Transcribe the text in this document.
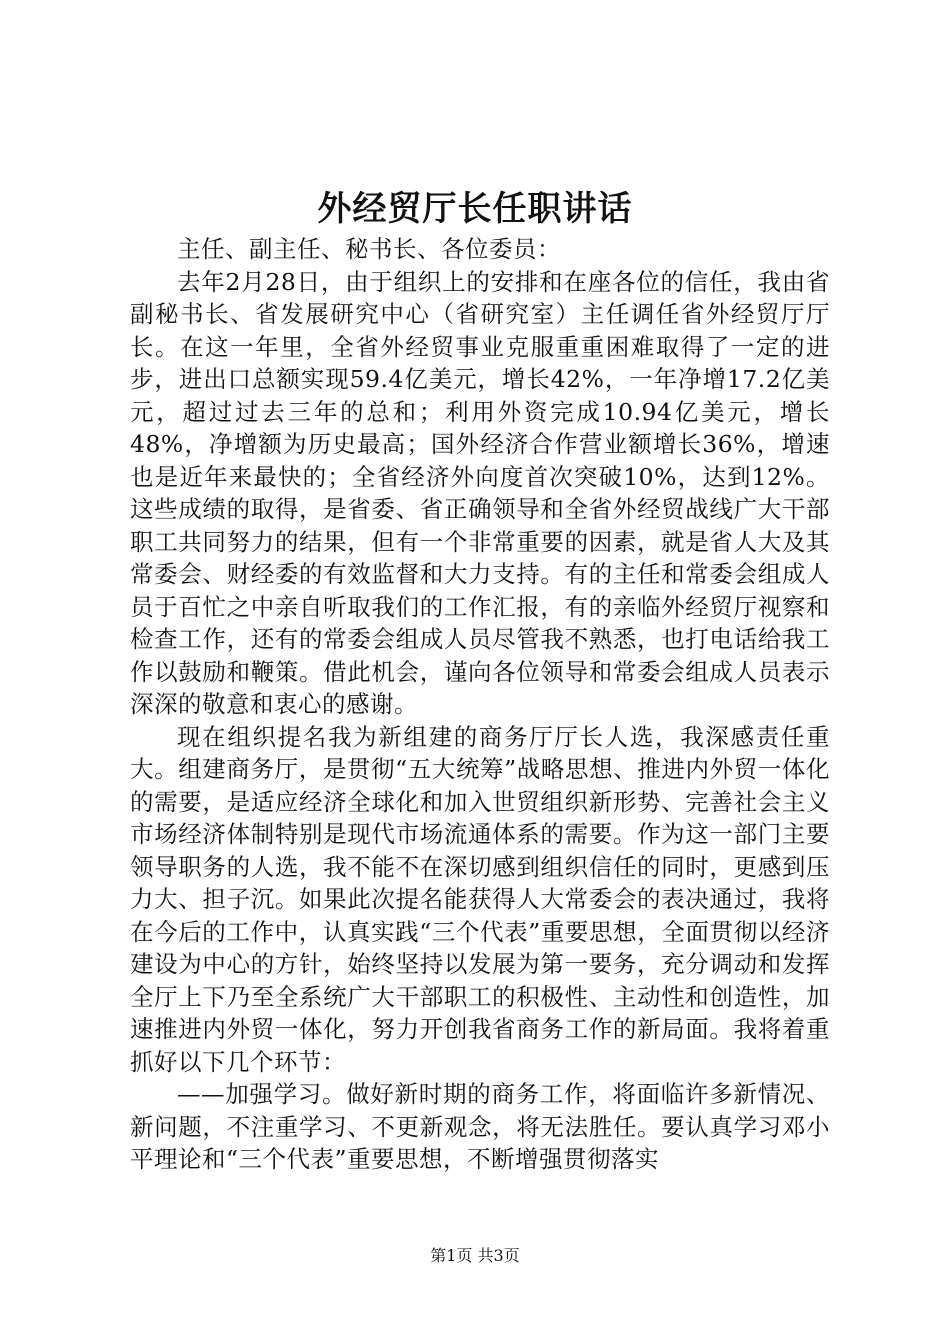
外经贸厅长任职讲话

主任、副主任、秘书长、各位委员：

去年2月28日，由于组织上的安排和在座各位的信任，我由省副秘书长、省发展研究中心（省研究室）主任调任省外经贸厅厅长。在这一年里，全省外经贸事业克服重重困难取得了一定的进步，进出口总额实现59.4亿美元，增长42%，一年净增17.2亿美元，超过过去三年的总和；利用外资完成10.94亿美元，增长48%，净增额为历史最高；国外经济合作营业额增长36%，增速也是近年来最快的；全省经济外向度首次突破10%，达到12%。这些成绩的取得，是省委、省正确领导和全省外经贸战线广大干部职工共同努力的结果，但有一个非常重要的因素，就是省人大及其常委会、财经委的有效监督和大力支持。有的主任和常委会组成人员于百忙之中亲自听取我们的工作汇报，有的亲临外经贸厅视察和检查工作，还有的常委会组成人员尽管我不熟悉，也打电话给我工作以鼓励和鞭策。借此机会，谨向各位领导和常委会组成人员表示深深的敬意和衷心的感谢。

现在组织提名我为新组建的商务厅厅长人选，我深感责任重大。组建商务厅，是贯彻“五大统筹”战略思想、推进内外贸一体化的需要，是适应经济全球化和加入世贸组织新形势、完善社会主义市场经济体制特别是现代市场流通体系的需要。作为这一部门主要领导职务的人选，我不能不在深切感到组织信任的同时，更感到压力大、担子沉。如果此次提名能获得人大常委会的表决通过，我将在今后的工作中，认真实践“三个代表”重要思想，全面贯彻以经济建设为中心的方针，始终坚持以发展为第一要务，充分调动和发挥全厅上下乃至全系统广大干部职工的积极性、主动性和创造性，加速推进内外贸一体化，努力开创我省商务工作的新局面。我将着重抓好以下几个环节：

——加强学习。做好新时期的商务工作，将面临许多新情况、新问题，不注重学习、不更新观念，将无法胜任。要认真学习邓小平理论和“三个代表”重要思想，不断增强贯彻落实

第1页 共3页
